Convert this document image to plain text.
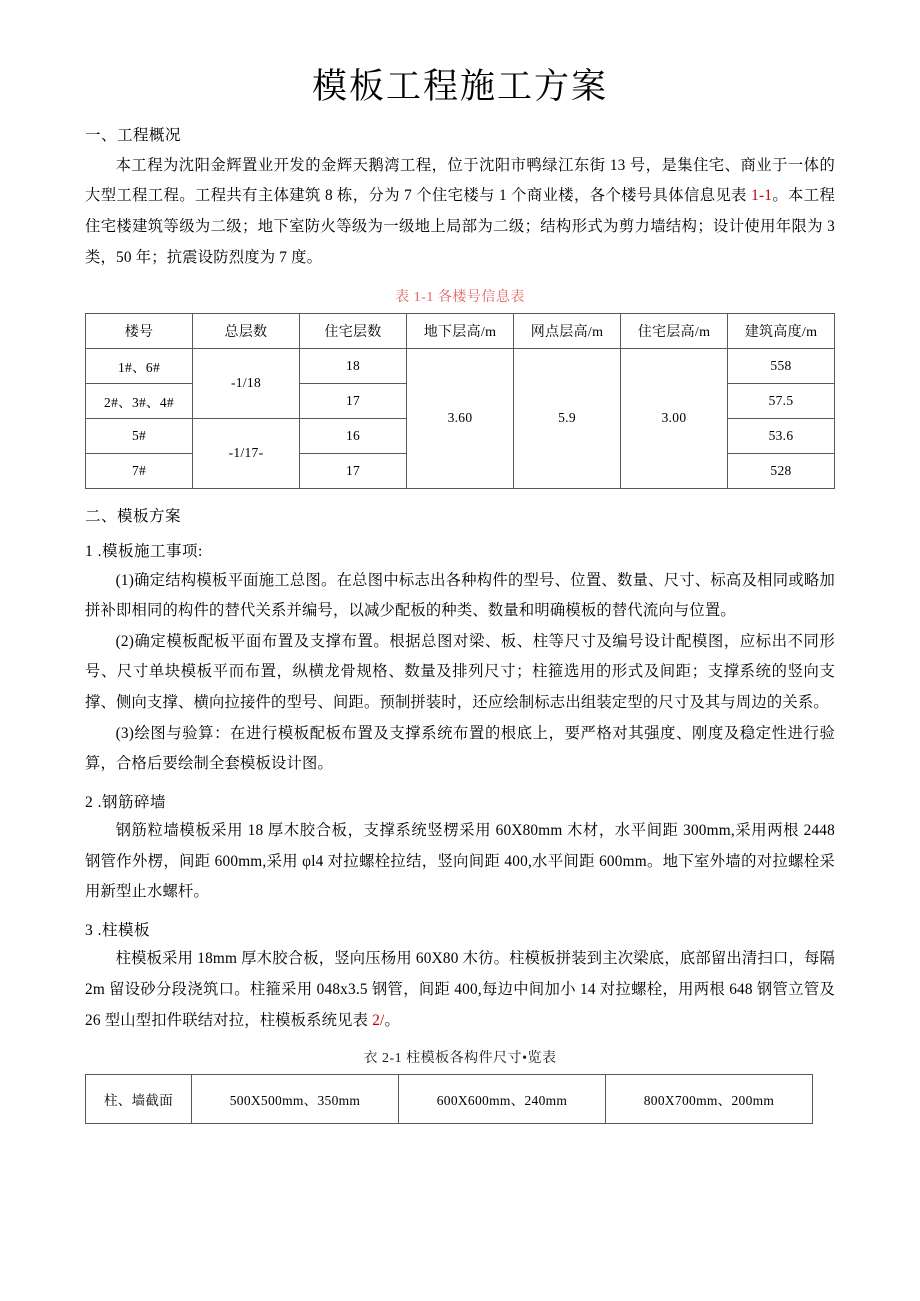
模板工程施工方案
一、工程概况

本工程为沈阳金辉置业开发的金辉天鹅湾工程，位于沈阳市鸭绿江东街 13 号，是集住宅、商业于一体的大型工程工程。工程共有主体建筑 8 栋，分为 7 个住宅楼与 1 个商业楼，各个楼号具体信息见表 1-1。本工程住宅楼建筑等级为二级；地下室防火等级为一级地上局部为二级；结构形式为剪力墙结构；设计使用年限为 3 类，50 年；抗震设防烈度为 7 度。

表 1-1 各楼号信息表
楼号	总层数	住宅层数	地下层高/m	网点层高/m	住宅层高/m	建筑高度/m
1#、6#	-1/18	18	3.60	5.9	3.00	558
2#、3#、4#		17				57.5
5#	-1/17-	16				53.6
7#		17				528
二、模板方案
1 .模板施工事项:

(1)确定结构模板平面施工总图。在总图中标志出各种构件的型号、位置、数量、尺寸、标高及相同或略加拼补即相同的构件的替代关系并编号，以减少配板的种类、数量和明确模板的替代流向与位置。

(2)确定模板配板平面布置及支撑布置。根据总图对梁、板、柱等尺寸及编号设计配模图，应标出不同形号、尺寸单块模板平而布置，纵横龙骨规格、数量及排列尺寸；柱箍选用的形式及间距；支撑系统的竖向支撑、侧向支撑、横向拉接件的型号、间距。预制拼装时，还应绘制标志出组装定型的尺寸及其与周边的关系。

(3)绘图与验算：在进行模板配板布置及支撑系统布置的根底上，要严格对其强度、刚度及稳定性进行验算，合格后要绘制全套模板设计图。

2 .钢筋碎墙

钢筋粒墙模板采用 18 厚木胶合板，支撑系统竖楞采用 60X80mm 木材，水平间距 300mm,采用两根 2448 钢管作外楞，间距 600mm,采用 φl4 对拉螺栓拉结，竖向间距 400,水平间距 600mm。地下室外墙的对拉螺栓采用新型止水螺杆。

3 .柱模板

柱模板采用 18mm 厚木胶合板，竖向压杨用 60X80 木彷。柱模板拼装到主次梁底，底部留出清扫口，每隔 2m 留设砂分段浇筑口。柱箍采用 048x3.5 钢管，间距 400,每边中间加小 14 对拉螺栓，用两根 648 钢管立管及 26 型山型扣件联结对拉，柱模板系统见表 2/。

衣 2-1 柱模板各构件尺寸•览表
柱、墙截面	500X500mm、350mm	600X600mm、240mm	800X700mm、200mm
